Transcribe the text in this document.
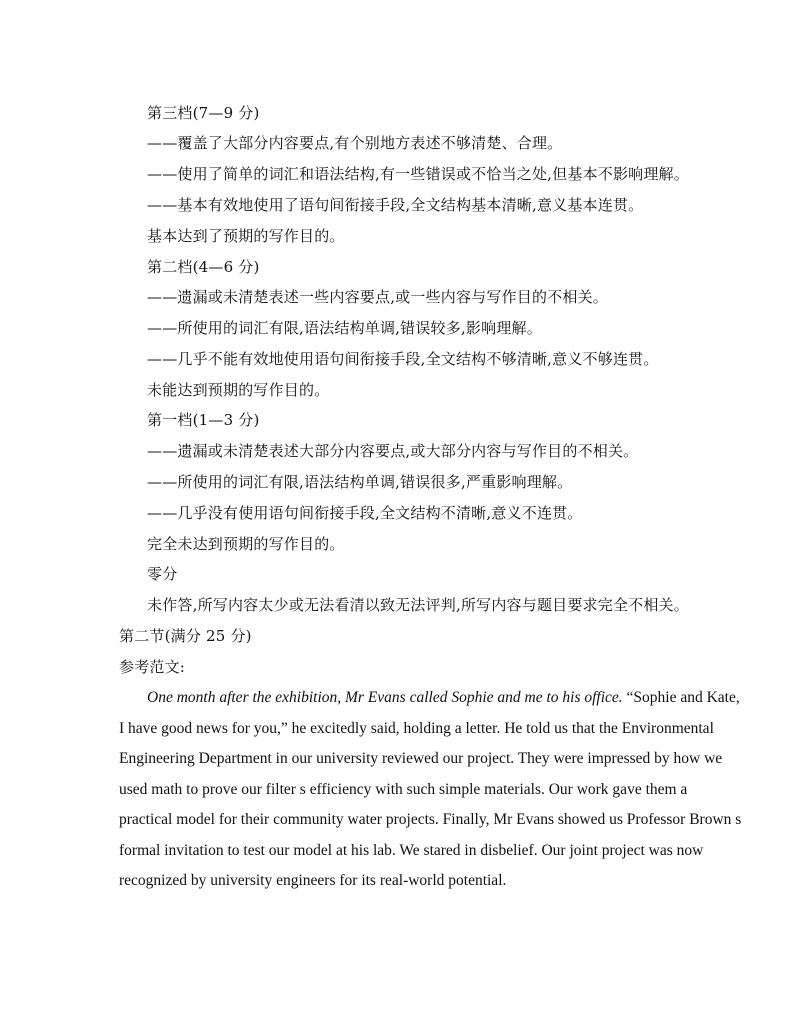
第三档(7—9 分)
——覆盖了大部分内容要点,有个别地方表述不够清楚、合理。
——使用了简单的词汇和语法结构,有一些错误或不恰当之处,但基本不影响理解。
——基本有效地使用了语句间衔接手段,全文结构基本清晰,意义基本连贯。
基本达到了预期的写作目的。
第二档(4—6 分)
——遗漏或未清楚表述一些内容要点,或一些内容与写作目的不相关。
——所使用的词汇有限,语法结构单调,错误较多,影响理解。
——几乎不能有效地使用语句间衔接手段,全文结构不够清晰,意义不够连贯。
未能达到预期的写作目的。
第一档(1—3 分)
——遗漏或未清楚表述大部分内容要点,或大部分内容与写作目的不相关。
——所使用的词汇有限,语法结构单调,错误很多,严重影响理解。
——几乎没有使用语句间衔接手段,全文结构不清晰,意义不连贯。
完全未达到预期的写作目的。
零分
未作答,所写内容太少或无法看清以致无法评判,所写内容与题目要求完全不相关。
第二节(满分 25 分)
参考范文:
One month after the exhibition, Mr Evans called Sophie and me to his office. “Sophie and Kate,
I have good news for you,” he excitedly said, holding a letter. He told us that the Environmental
Engineering Department in our university reviewed our project. They were impressed by how we
used math to prove our filter s efficiency with such simple materials. Our work gave them a
practical model for their community water projects. Finally, Mr Evans showed us Professor Brown s
formal invitation to test our model at his lab. We stared in disbelief. Our joint project was now
recognized by university engineers for its real-world potential.
